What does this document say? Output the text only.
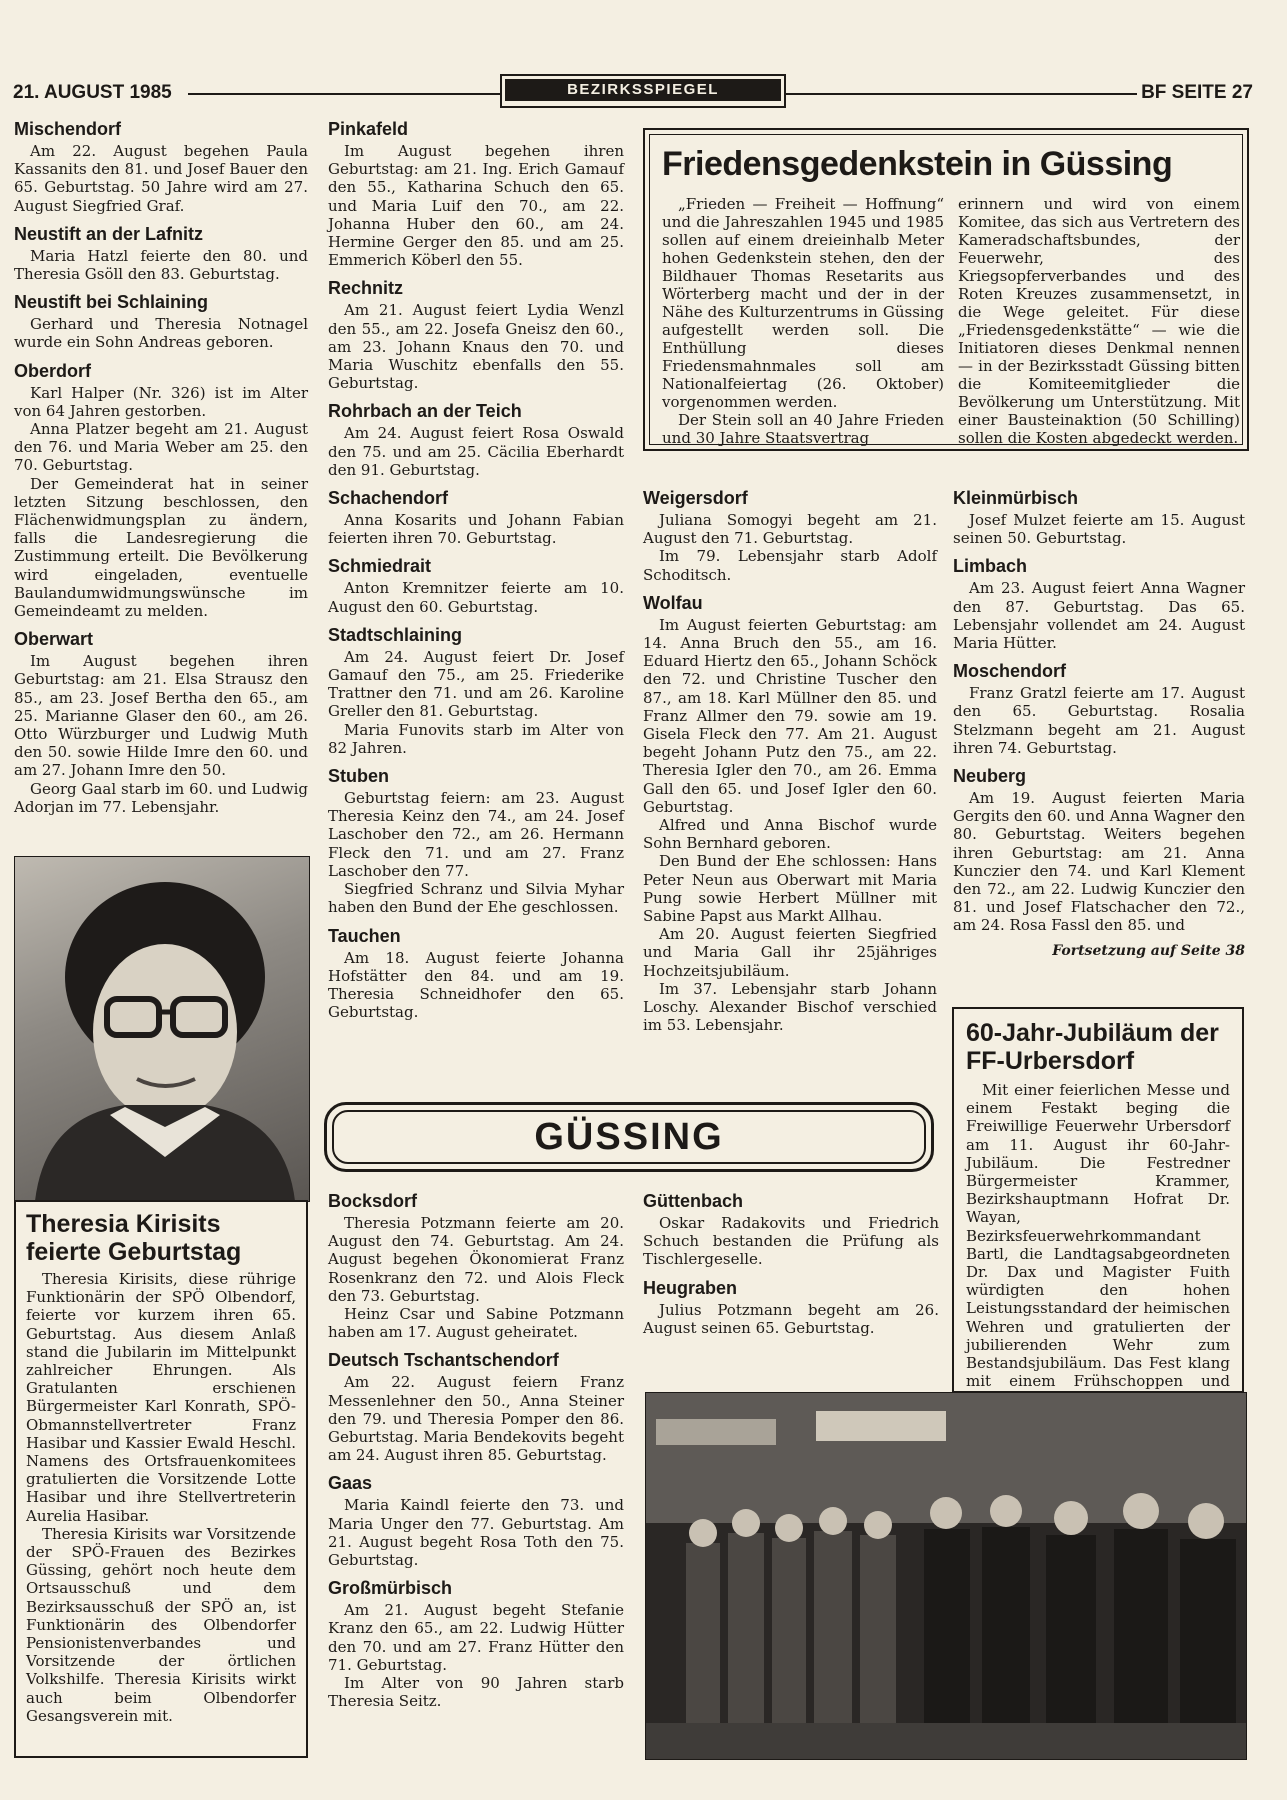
21. AUGUST 1985	BEZIRKSSPIEGEL	BF SEITE 27
Mischendorf

Am 22. August begehen Paula Kassanits den 81. und Josef Bauer den 65. Geburtstag. 50 Jahre wird am 27. August Siegfried Graf.

Neustift an der Lafnitz

Maria Hatzl feierte den 80. und Theresia Gsöll den 83. Geburtstag.

Neustift bei Schlaining

Gerhard und Theresia Notnagel wurde ein Sohn Andreas geboren.

Oberdorf

Karl Halper (Nr. 326) ist im Alter von 64 Jahren gestorben.

Anna Platzer begeht am 21. August den 76. und Maria Weber am 25. den 70. Geburtstag.

Der Gemeinderat hat in seiner letzten Sitzung beschlossen, den Flächenwidmungsplan zu ändern, falls die Landesregierung die Zustimmung erteilt. Die Bevölkerung wird eingeladen, eventuelle Baulandumwidmungswünsche im Gemeindeamt zu melden.

Oberwart

Im August begehen ihren Geburtstag: am 21. Elsa Strausz den 85., am 23. Josef Bertha den 65., am 25. Marianne Glaser den 60., am 26. Otto Würzburger und Ludwig Muth den 50. sowie Hilde Imre den 60. und am 27. Johann Imre den 50.

Georg Gaal starb im 60. und Ludwig Adorjan im 77. Lebensjahr.

Pinkafeld

Im August begehen ihren Geburtstag: am 21. Ing. Erich Gamauf den 55., Katharina Schuch den 65. und Maria Luif den 70., am 22. Johanna Huber den 60., am 24. Hermine Gerger den 85. und am 25. Emmerich Köberl den 55.

Rechnitz

Am 21. August feiert Lydia Wenzl den 55., am 22. Josefa Gneisz den 60., am 23. Johann Knaus den 70. und Maria Wuschitz ebenfalls den 55. Geburtstag.

Rohrbach an der Teich

Am 24. August feiert Rosa Oswald den 75. und am 25. Cäcilia Eberhardt den 91. Geburtstag.

Schachendorf

Anna Kosarits und Johann Fabian feierten ihren 70. Geburtstag.

Schmiedrait

Anton Kremnitzer feierte am 10. August den 60. Geburtstag.

Stadtschlaining

Am 24. August feiert Dr. Josef Gamauf den 75., am 25. Friederike Trattner den 71. und am 26. Karoline Greller den 81. Geburtstag.

Maria Funovits starb im Alter von 82 Jahren.

Stuben

Geburtstag feiern: am 23. August Theresia Keinz den 74., am 24. Josef Laschober den 72., am 26. Hermann Fleck den 71. und am 27. Franz Laschober den 77.

Siegfried Schranz und Silvia Myhar haben den Bund der Ehe geschlossen.

Tauchen

Am 18. August feierte Johanna Hofstätter den 84. und am 19. Theresia Schneidhofer den 65. Geburtstag.

Friedensgedenkstein in Güssing

„Frieden — Freiheit — Hoffnung“ und die Jahreszahlen 1945 und 1985 sollen auf einem dreieinhalb Meter hohen Gedenkstein stehen, den der Bildhauer Thomas Resetarits aus Wörterberg macht und der in der Nähe des Kulturzentrums in Güssing aufgestellt werden soll. Die Enthüllung dieses Friedensmahnmales soll am Nationalfeiertag (26. Oktober) vorgenommen werden.

Der Stein soll an 40 Jahre Frieden und 30 Jahre Staatsvertrag

erinnern und wird von einem Komitee, das sich aus Vertretern des Kameradschaftsbundes, der Feuerwehr, des Kriegsopferverbandes und des Roten Kreuzes zusammensetzt, in die Wege geleitet. Für diese „Friedensgedenkstätte“ — wie die Initiatoren dieses Denkmal nennen — in der Bezirksstadt Güssing bitten die Komiteemitglieder die Bevölkerung um Unterstützung. Mit einer Bausteinaktion (50 Schilling) sollen die Kosten abgedeckt werden.

Weigersdorf

Juliana Somogyi begeht am 21. August den 71. Geburtstag.

Im 79. Lebensjahr starb Adolf Schoditsch.

Wolfau

Im August feierten Geburtstag: am 14. Anna Bruch den 55., am 16. Eduard Hiertz den 65., Johann Schöck den 72. und Christine Tuscher den 87., am 18. Karl Müllner den 85. und Franz Allmer den 79. sowie am 19. Gisela Fleck den 77. Am 21. August begeht Johann Putz den 75., am 22. Theresia Igler den 70., am 26. Emma Gall den 65. und Josef Igler den 60. Geburtstag.

Alfred und Anna Bischof wurde Sohn Bernhard geboren.

Den Bund der Ehe schlossen: Hans Peter Neun aus Oberwart mit Maria Pung sowie Herbert Müllner mit Sabine Papst aus Markt Allhau.

Am 20. August feierten Siegfried und Maria Gall ihr 25jähriges Hochzeitsjubiläum.

Im 37. Lebensjahr starb Johann Loschy. Alexander Bischof verschied im 53. Lebensjahr.

Kleinmürbisch

Josef Mulzet feierte am 15. August seinen 50. Geburtstag.

Limbach

Am 23. August feiert Anna Wagner den 87. Geburtstag. Das 65. Lebensjahr vollendet am 24. August Maria Hütter.

Moschendorf

Franz Gratzl feierte am 17. August den 65. Geburtstag. Rosalia Stelzmann begeht am 21. August ihren 74. Geburtstag.

Neuberg

Am 19. August feierten Maria Gergits den 60. und Anna Wagner den 80. Geburtstag. Weiters begehen ihren Geburtstag: am 21. Anna Kunczier den 74. und Karl Klement den 72., am 22. Ludwig Kunczier den 81. und Josef Flatschacher den 72., am 24. Rosa Fassl den 85. und

Fortsetzung auf Seite 38

Theresia Kirisits feierte Geburtstag

Theresia Kirisits, diese rührige Funktionärin der SPÖ Olbendorf, feierte vor kurzem ihren 65. Geburtstag. Aus diesem Anlaß stand die Jubilarin im Mittelpunkt zahlreicher Ehrungen. Als Gratulanten erschienen Bürgermeister Karl Konrath, SPÖ-Obmannstellvertreter Franz Hasibar und Kassier Ewald Heschl. Namens des Ortsfrauenkomitees gratulierten die Vorsitzende Lotte Hasibar und ihre Stellvertreterin Aurelia Hasibar.

Theresia Kirisits war Vorsitzende der SPÖ-Frauen des Bezirkes Güssing, gehört noch heute dem Ortsausschuß und dem Bezirksausschuß der SPÖ an, ist Funktionärin des Olbendorfer Pensionistenverbandes und Vorsitzende der örtlichen Volkshilfe. Theresia Kirisits wirkt auch beim Olbendorfer Gesangsverein mit.

GÜSSING
Bocksdorf

Theresia Potzmann feierte am 20. August den 74. Geburtstag. Am 24. August begehen Ökonomierat Franz Rosenkranz den 72. und Alois Fleck den 73. Geburtstag.

Heinz Csar und Sabine Potzmann haben am 17. August geheiratet.

Deutsch Tschantschendorf

Am 22. August feiern Franz Messenlehner den 50., Anna Steiner den 79. und Theresia Pomper den 86. Geburtstag. Maria Bendekovits begeht am 24. August ihren 85. Geburtstag.

Gaas

Maria Kaindl feierte den 73. und Maria Unger den 77. Geburtstag. Am 21. August begeht Rosa Toth den 75. Geburtstag.

Großmürbisch

Am 21. August begeht Stefanie Kranz den 65., am 22. Ludwig Hütter den 70. und am 27. Franz Hütter den 71. Geburtstag.

Im Alter von 90 Jahren starb Theresia Seitz.

Güttenbach

Oskar Radakovits und Friedrich Schuch bestanden die Prüfung als Tischlergeselle.

Heugraben

Julius Potzmann begeht am 26. August seinen 65. Geburtstag.

60-Jahr-Jubiläum der FF-Urbersdorf

Mit einer feierlichen Messe und einem Festakt beging die Freiwillige Feuerwehr Urbersdorf am 11. August ihr 60-Jahr-Jubiläum. Die Festredner Bürgermeister Krammer, Bezirkshauptmann Hofrat Dr. Wayan, Bezirksfeuerwehrkommandant Bartl, die Landtagsabgeordneten Dr. Dax und Magister Fuith würdigten den hohen Leistungsstandard der heimischen Wehren und gratulierten der jubilierenden Wehr zum Bestandsjubiläum. Das Fest klang mit einem Frühschoppen und
